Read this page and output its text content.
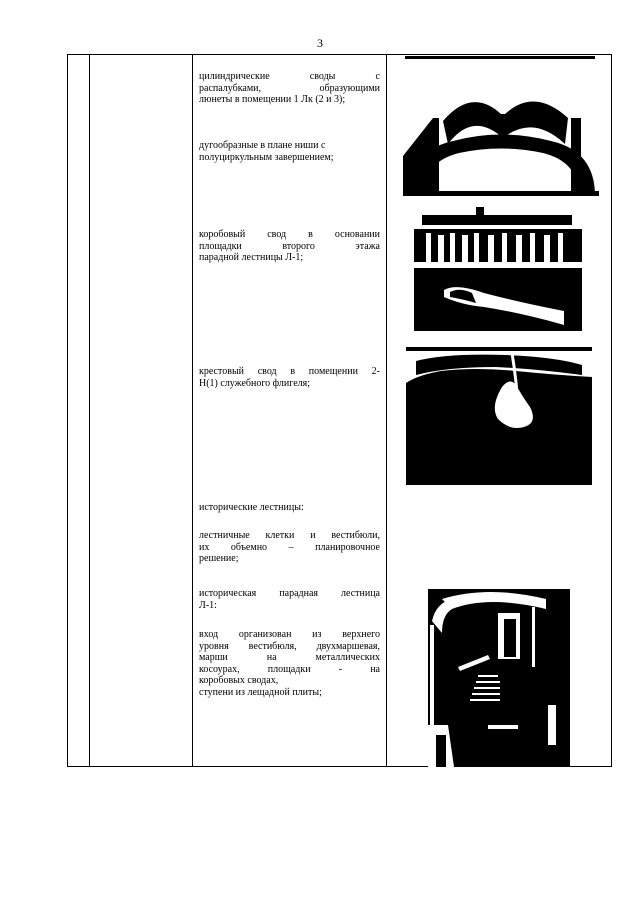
3
цилиндрические своды с
распалубками, образующими
люнеты в помещении 1 Лк (2 и 3);
дугообразные в плане ниши с
полуциркульным завершением;
коробовый свод в основании
площадки второго этажа
парадной лестницы Л-1;
крестовый свод в помещении 2-
Н(1) служебного флигеля;
исторические лестницы:
лестничные клетки и вестибюли,
их объемно – планировочное
решение;
историческая парадная лестница
Л-1:
вход организован из верхнего
уровня вестибюля, двухмаршевая,
марши на металлических
косоурах, площадки - на
коробовых сводах,
ступени из лещадной плиты;
